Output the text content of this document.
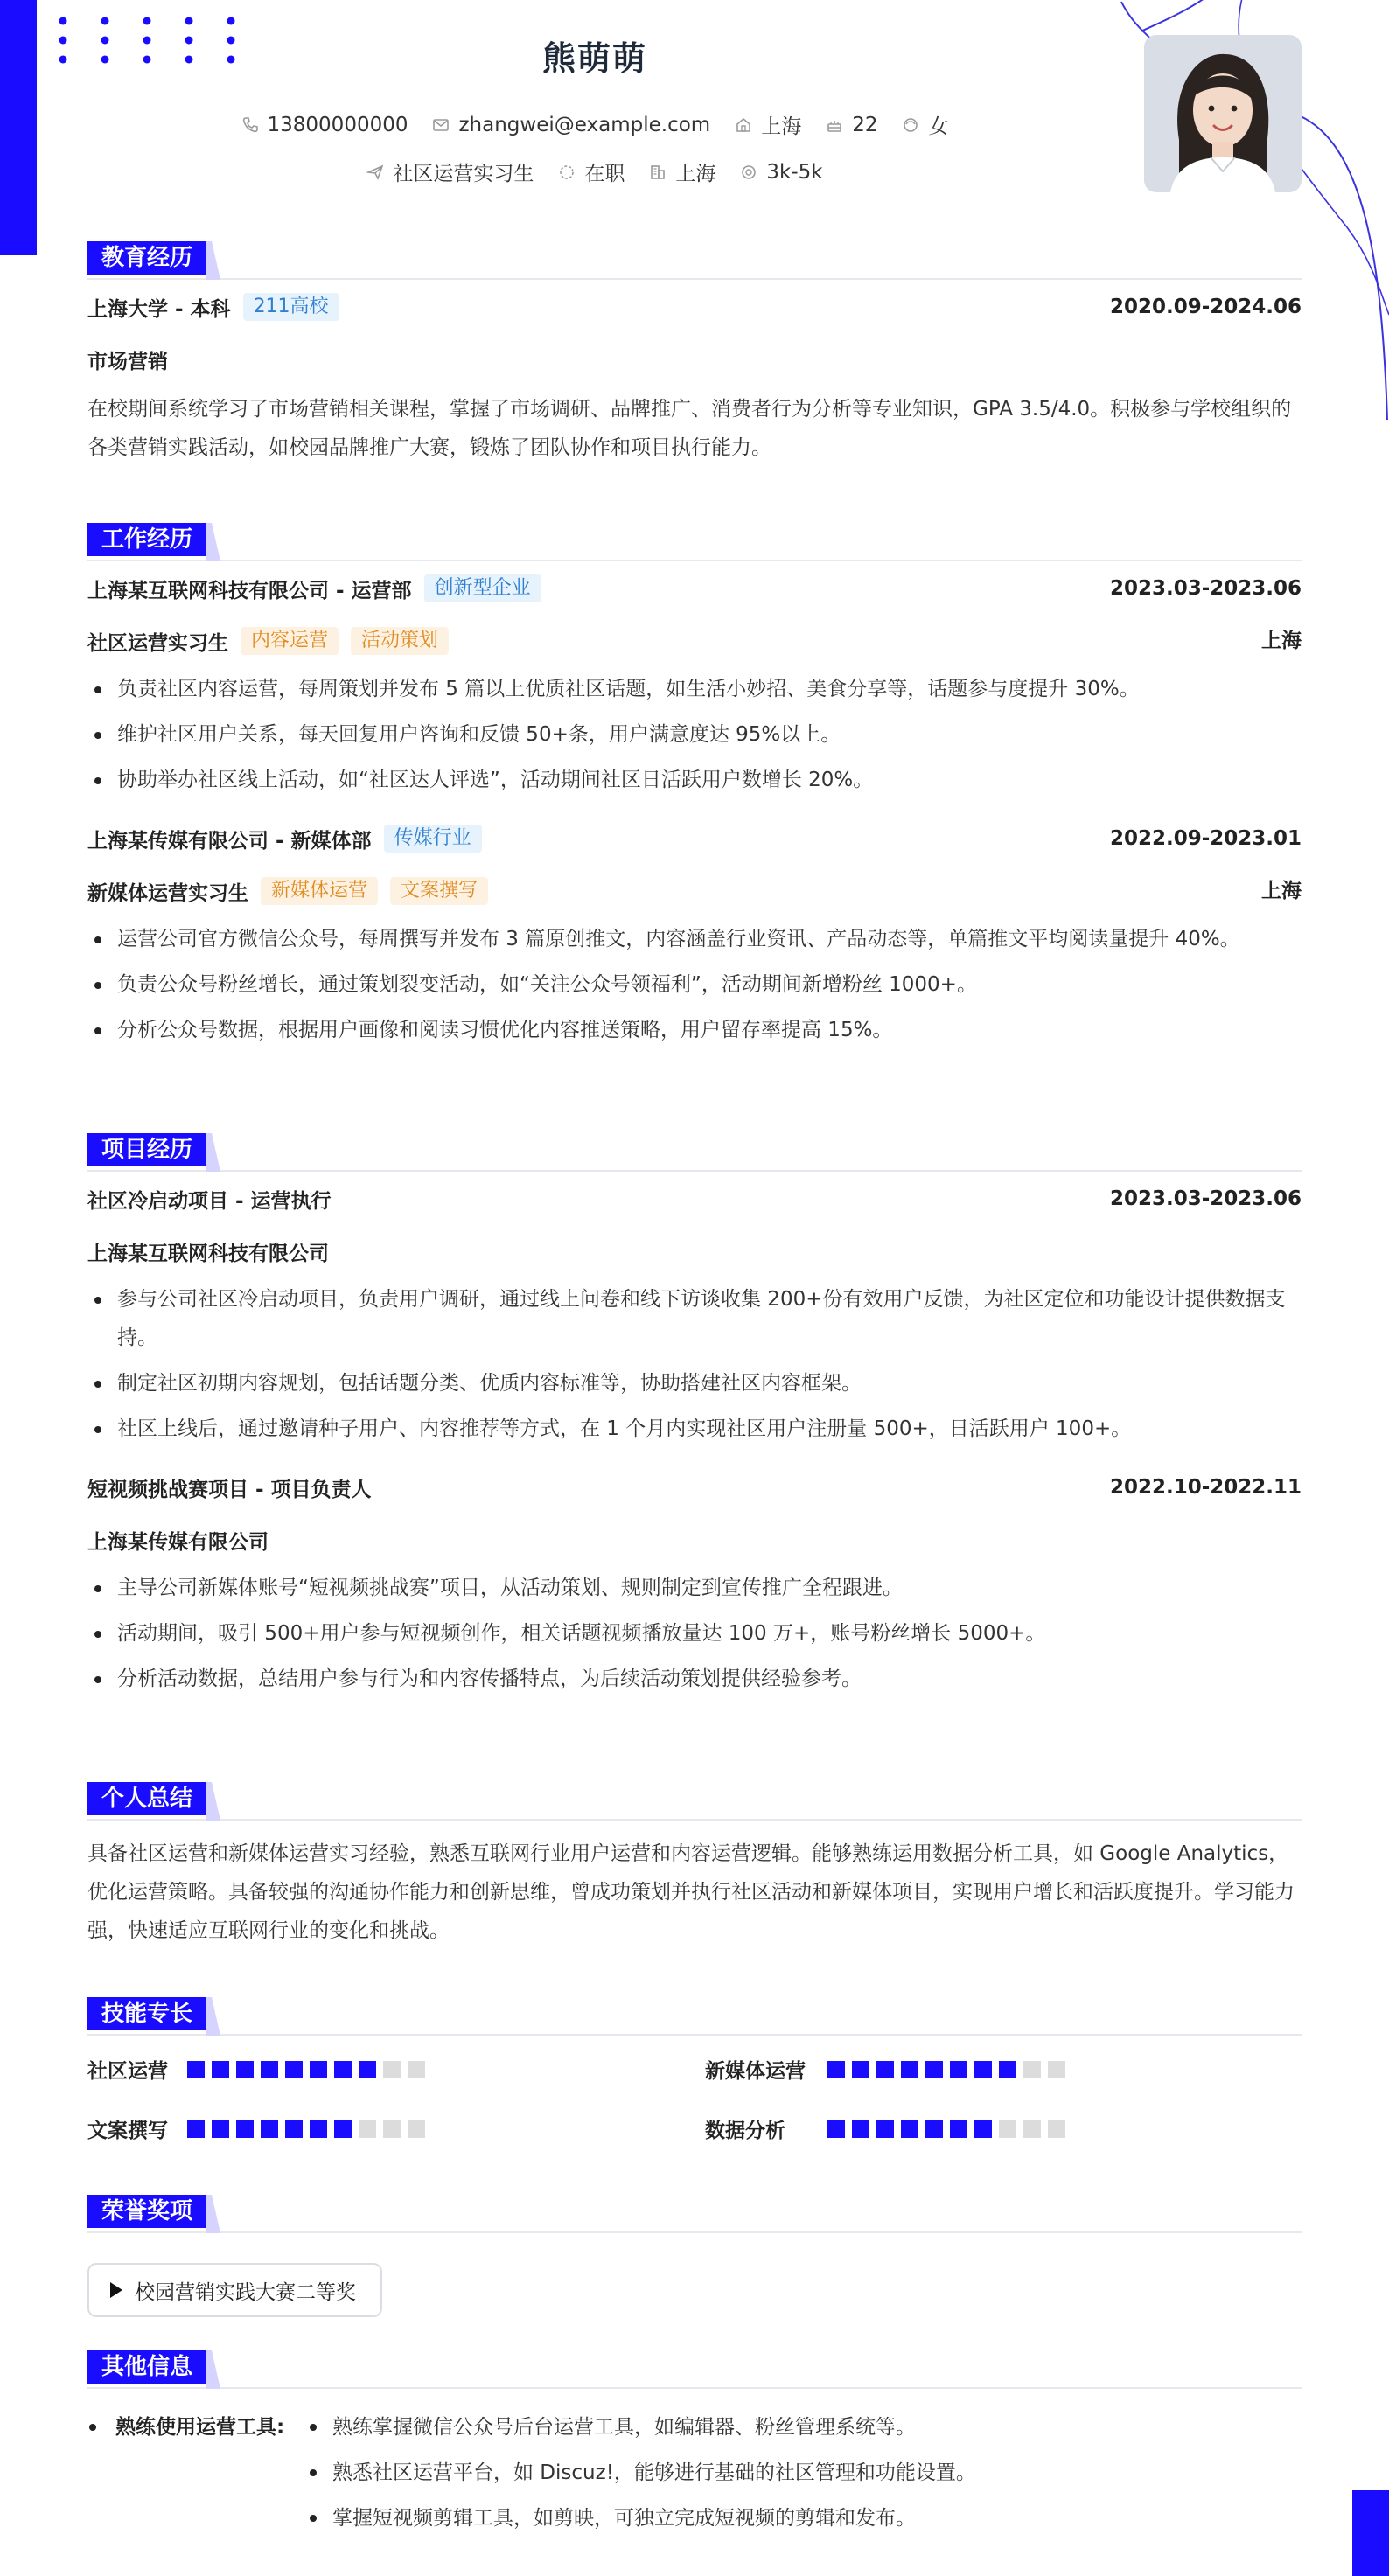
熊萌萌
13800000000	zhangwei@example.com	上海	22	女
社区运营实习生	在职	上海	3k-5k
教育经历
上海大学 - 本科	211高校	2020.09-2024.06
市场营销
在校期间系统学习了市场营销相关课程，掌握了市场调研、品牌推广、消费者行为分析等专业知识，GPA 3.5/4.0。积极参与学校组织的各类营销实践活动，如校园品牌推广大赛，锻炼了团队协作和项目执行能力。
工作经历
上海某互联网科技有限公司 - 运营部	创新型企业	2023.03-2023.06
社区运营实习生	内容运营	活动策划	上海
负责社区内容运营，每周策划并发布 5 篇以上优质社区话题，如生活小妙招、美食分享等，话题参与度提升 30%。
维护社区用户关系，每天回复用户咨询和反馈 50+条，用户满意度达 95%以上。
协助举办社区线上活动，如“社区达人评选”，活动期间社区日活跃用户数增长 20%。
上海某传媒有限公司 - 新媒体部	传媒行业	2022.09-2023.01
新媒体运营实习生	新媒体运营	文案撰写	上海
运营公司官方微信公众号，每周撰写并发布 3 篇原创推文，内容涵盖行业资讯、产品动态等，单篇推文平均阅读量提升 40%。
负责公众号粉丝增长，通过策划裂变活动，如“关注公众号领福利”，活动期间新增粉丝 1000+。
分析公众号数据，根据用户画像和阅读习惯优化内容推送策略，用户留存率提高 15%。
项目经历
社区冷启动项目 - 运营执行	2023.03-2023.06
上海某互联网科技有限公司
参与公司社区冷启动项目，负责用户调研，通过线上问卷和线下访谈收集 200+份有效用户反馈，为社区定位和功能设计提供数据支持。
制定社区初期内容规划，包括话题分类、优质内容标准等，协助搭建社区内容框架。
社区上线后，通过邀请种子用户、内容推荐等方式，在 1 个月内实现社区用户注册量 500+，日活跃用户 100+。
短视频挑战赛项目 - 项目负责人	2022.10-2022.11
上海某传媒有限公司
主导公司新媒体账号“短视频挑战赛”项目，从活动策划、规则制定到宣传推广全程跟进。
活动期间，吸引 500+用户参与短视频创作，相关话题视频播放量达 100 万+，账号粉丝增长 5000+。
分析活动数据，总结用户参与行为和内容传播特点，为后续活动策划提供经验参考。
个人总结
具备社区运营和新媒体运营实习经验，熟悉互联网行业用户运营和内容运营逻辑。能够熟练运用数据分析工具，如 Google Analytics，优化运营策略。具备较强的沟通协作能力和创新思维，曾成功策划并执行社区活动和新媒体项目，实现用户增长和活跃度提升。学习能力强，快速适应互联网行业的变化和挑战。
技能专长
社区运营	新媒体运营
文案撰写	数据分析
荣誉奖项
校园营销实践大赛二等奖
其他信息
熟练使用运营工具:	熟练掌握微信公众号后台运营工具，如编辑器、粉丝管理系统等。
熟悉社区运营平台，如 Discuz!，能够进行基础的社区管理和功能设置。
掌握短视频剪辑工具，如剪映，可独立完成短视频的剪辑和发布。
